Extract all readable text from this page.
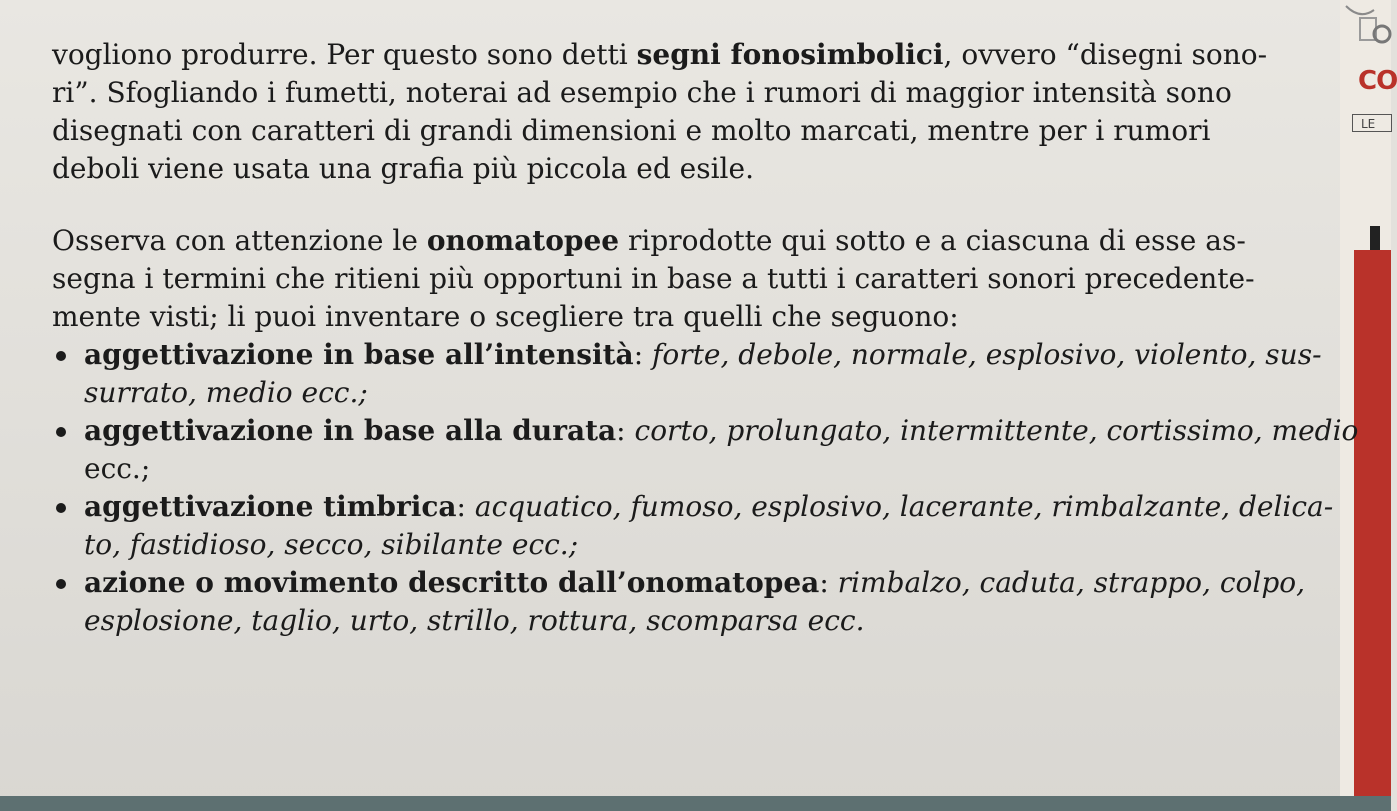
CO
LE
vogliono produrre. Per questo sono detti segni fonosimbolici, ovvero “disegni sono-
ri”. Sfogliando i fumetti, noterai ad esempio che i rumori di maggior intensità sono
disegnati con caratteri di grandi dimensioni e molto marcati, mentre per i rumori
deboli viene usata una grafia più piccola ed esile.
Osserva con attenzione le onomatopee riprodotte qui sotto e a ciascuna di esse as-
segna i termini che ritieni più opportuni in base a tutti i caratteri sonori precedente-
mente visti; li puoi inventare o scegliere tra quelli che seguono:
aggettivazione in base all’intensità: forte, debole, normale, esplosivo, violento, sus-
surrato, medio ecc.;
aggettivazione in base alla durata: corto, prolungato, intermittente, cortissimo, medio
ecc.;
aggettivazione timbrica: acquatico, fumoso, esplosivo, lacerante, rimbalzante, delica-
to, fastidioso, secco, sibilante ecc.;
azione o movimento descritto dall’onomatopea: rimbalzo, caduta, strappo, colpo,
esplosione, taglio, urto, strillo, rottura, scomparsa ecc.
